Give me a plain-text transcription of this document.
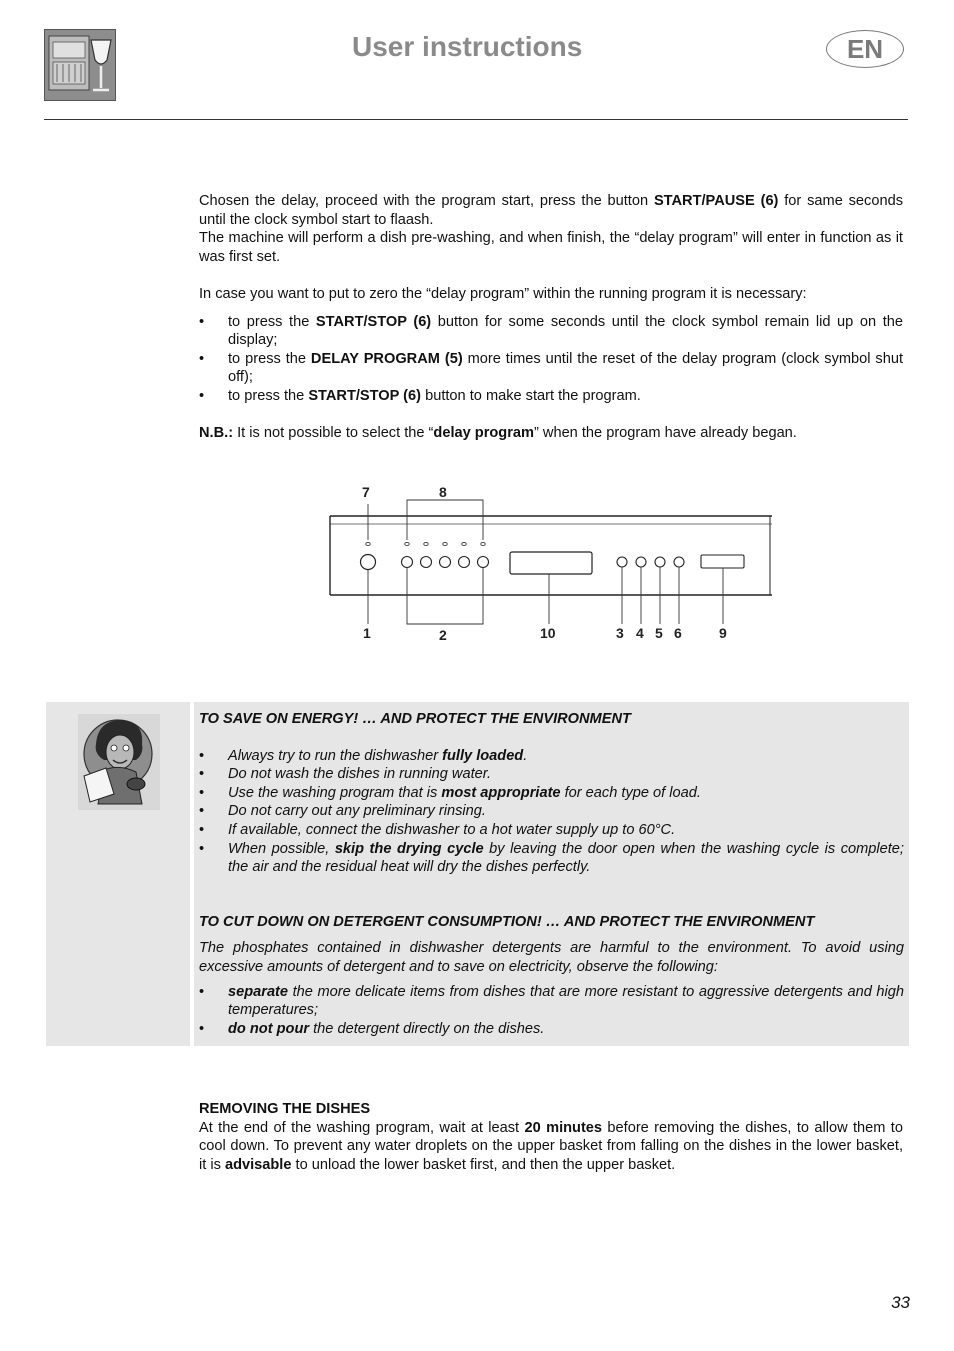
User instructions	EN

Chosen the delay, proceed with the program start, press the button START/PAUSE (6) for same seconds until the clock symbol start to flaash.

The machine will perform a dish pre-washing, and when finish, the “delay program” will enter in function as it was first set.

In case you want to put to zero the “delay program” within the running program it is necessary:

• to press the START/STOP (6) button for some seconds until the clock symbol remain lid up on the display;
• to press the DELAY PROGRAM (5) more times until the reset of the delay program (clock symbol shut off);
• to press the START/STOP (6) button to make start the program.

N.B.: It is not possible to select the “delay program” when the program have already began.

7	8
1	2	10	3 4 5 6	9

TO SAVE ON ENERGY! … AND PROTECT THE ENVIRONMENT

• Always try to run the dishwasher fully loaded.
• Do not wash the dishes in running water.
• Use the washing program that is most appropriate for each type of load.
• Do not carry out any preliminary rinsing.
• If available, connect the dishwasher to a hot water supply up to 60°C.
• When possible, skip the drying cycle by leaving the door open when the washing cycle is complete; the air and the residual heat will dry the dishes perfectly.

TO CUT DOWN ON DETERGENT CONSUMPTION! … AND PROTECT THE ENVIRONMENT

The phosphates contained in dishwasher detergents are harmful to the environment. To avoid using excessive amounts of detergent and to save on electricity, observe the following:

• separate the more delicate items from dishes that are more resistant to aggressive detergents and high temperatures;
• do not pour the detergent directly on the dishes.

REMOVING THE DISHES

At the end of the washing program, wait at least 20 minutes before removing the dishes, to allow them to cool down. To prevent any water droplets on the upper basket from falling on the dishes in the lower basket, it is advisable to unload the lower basket first, and then the upper basket.

33
